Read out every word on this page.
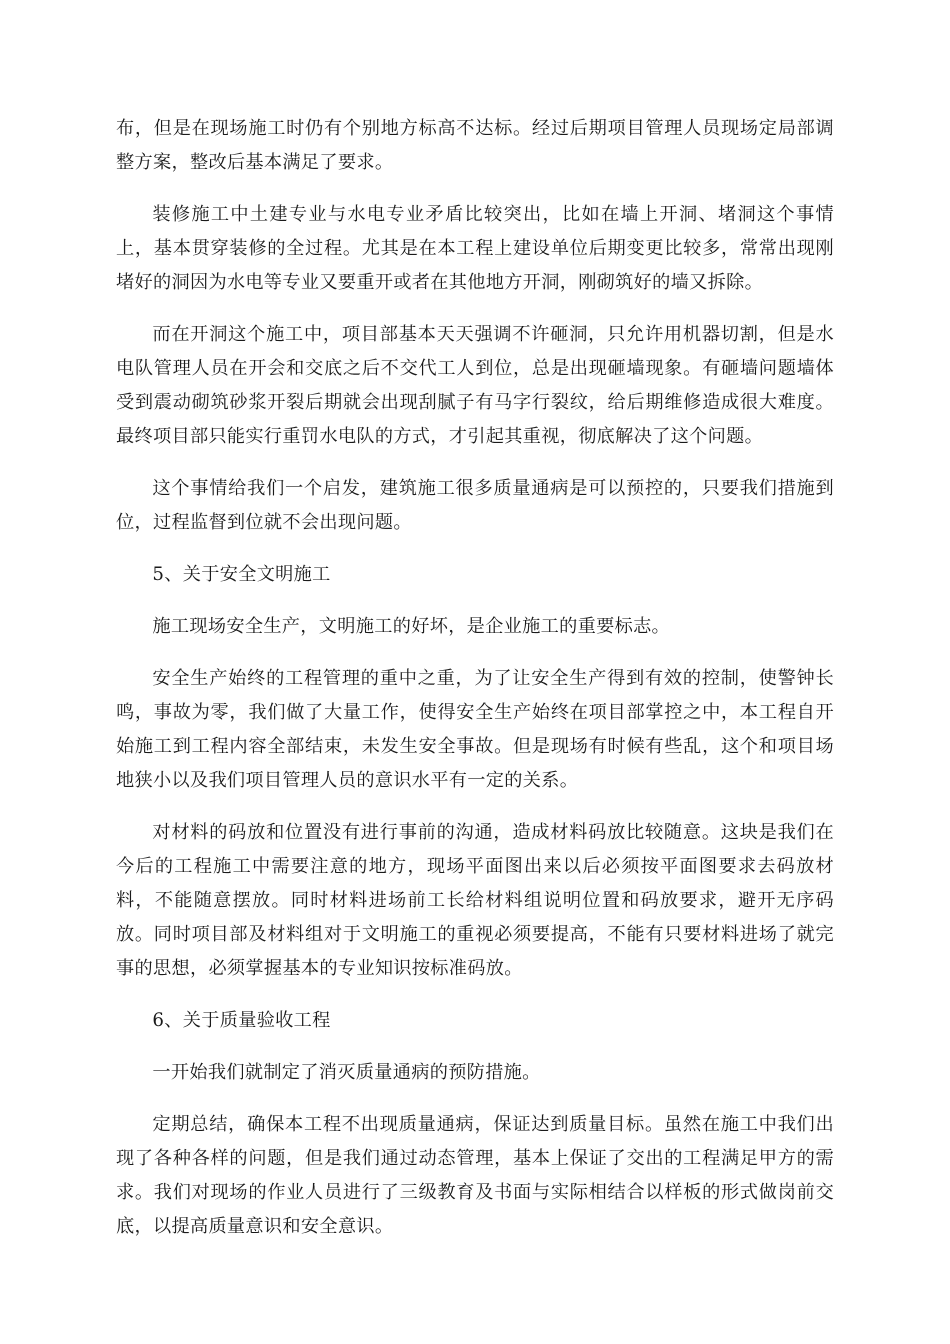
布，但是在现场施工时仍有个别地方标高不达标。经过后期项目管理人员现场定局部调整方案，整改后基本满足了要求。

装修施工中土建专业与水电专业矛盾比较突出，比如在墙上开洞、堵洞这个事情上，基本贯穿装修的全过程。尤其是在本工程上建设单位后期变更比较多，常常出现刚堵好的洞因为水电等专业又要重开或者在其他地方开洞，刚砌筑好的墙又拆除。

而在开洞这个施工中，项目部基本天天强调不许砸洞，只允许用机器切割，但是水电队管理人员在开会和交底之后不交代工人到位，总是出现砸墙现象。有砸墙问题墙体受到震动砌筑砂浆开裂后期就会出现刮腻子有马字行裂纹，给后期维修造成很大难度。最终项目部只能实行重罚水电队的方式，才引起其重视，彻底解决了这个问题。

这个事情给我们一个启发，建筑施工很多质量通病是可以预控的，只要我们措施到位，过程监督到位就不会出现问题。

5、关于安全文明施工

施工现场安全生产，文明施工的好坏，是企业施工的重要标志。

安全生产始终的工程管理的重中之重，为了让安全生产得到有效的控制，使警钟长鸣，事故为零，我们做了大量工作，使得安全生产始终在项目部掌控之中，本工程自开始施工到工程内容全部结束，未发生安全事故。但是现场有时候有些乱，这个和项目场地狭小以及我们项目管理人员的意识水平有一定的关系。

对材料的码放和位置没有进行事前的沟通，造成材料码放比较随意。这块是我们在今后的工程施工中需要注意的地方，现场平面图出来以后必须按平面图要求去码放材料，不能随意摆放。同时材料进场前工长给材料组说明位置和码放要求，避开无序码放。同时项目部及材料组对于文明施工的重视必须要提高，不能有只要材料进场了就完事的思想，必须掌握基本的专业知识按标准码放。

6、关于质量验收工程

一开始我们就制定了消灭质量通病的预防措施。

定期总结，确保本工程不出现质量通病，保证达到质量目标。虽然在施工中我们出现了各种各样的问题，但是我们通过动态管理，基本上保证了交出的工程满足甲方的需求。我们对现场的作业人员进行了三级教育及书面与实际相结合以样板的形式做岗前交底，以提高质量意识和安全意识。
